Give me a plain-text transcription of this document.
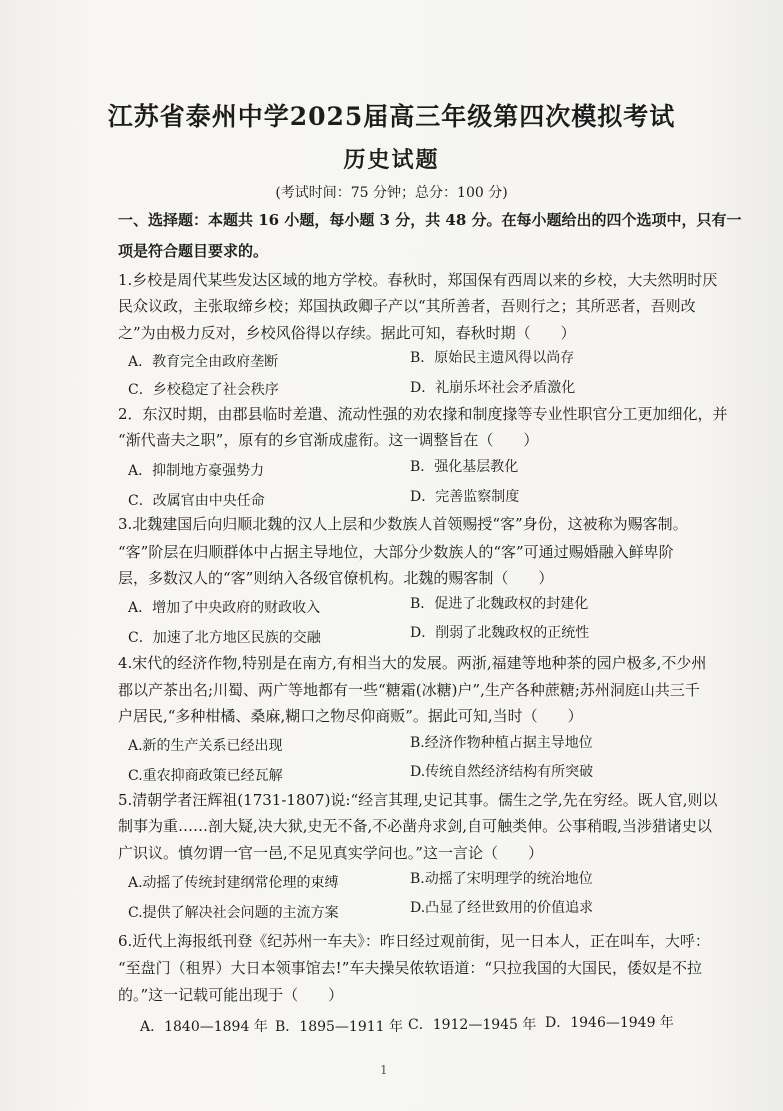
江苏省泰州中学2025届高三年级第四次模拟考试
历史试题
(考试时间：75 分钟；总分：100 分)
一、选择题：本题共 16 小题，每小题 3 分，共 48 分。在每小题给出的四个选项中，只有一
项是符合题目要求的。
1.乡校是周代某些发达区域的地方学校。春秋时，郑国保有西周以来的乡校，大夫然明时厌
民众议政，主张取缔乡校；郑国执政卿子产以“其所善者，吾则行之；其所恶者，吾则改
之”为由极力反对，乡校风俗得以存续。据此可知，春秋时期（　　）
A．教育完全由政府垄断	B．原始民主遗风得以尚存
C．乡校稳定了社会秩序	D．礼崩乐坏社会矛盾激化
2．东汉时期，由郡县临时差遣、流动性强的劝农掾和制度掾等专业性职官分工更加细化，并
“渐代啬夫之职”，原有的乡官渐成虚衔。这一调整旨在（　　）
A．抑制地方豪强势力	B．强化基层教化
C．改属官由中央任命	D．完善监察制度
3.北魏建国后向归顺北魏的汉人上层和少数族人首领赐授“客”身份，这被称为赐客制。
“客”阶层在归顺群体中占据主导地位，大部分少数族人的“客”可通过赐婚融入鲜卑阶
层，多数汉人的“客”则纳入各级官僚机构。北魏的赐客制（　　）
A．增加了中央政府的财政收入	B．促进了北魏政权的封建化
C．加速了北方地区民族的交融	D．削弱了北魏政权的正统性
4.宋代的经济作物,特别是在南方,有相当大的发展。两浙,福建等地种茶的园户极多,不少州
郡以产茶出名;川蜀、两广等地都有一些“糖霜(冰糖)户”,生产各种蔗糖;苏州洞庭山共三千
户居民,“多种柑橘、桑麻,糊口之物尽仰商贩”。据此可知,当时（　　）
A.新的生产关系已经出现	B.经济作物种植占据主导地位
C.重农抑商政策已经瓦解	D.传统自然经济结构有所突破
5.清朝学者汪辉祖(1731-1807)说:“经言其理,史记其事。儒生之学,先在穷经。既人官,则以
制事为重……剖大疑,决大狱,史无不备,不必凿舟求剑,自可触类伸。公事稍暇,当涉猎诸史以
广识议。慎勿谓一官一邑,不足见真实学问也。”这一言论（　　）
A.动摇了传统封建纲常伦理的束缚	B.动摇了宋明理学的统治地位
C.提供了解决社会问题的主流方案	D.凸显了经世致用的价值追求
6.近代上海报纸刊登《纪苏州一车夫》：昨日经过观前街，见一日本人，正在叫车，大呼：
“至盘门（租界）大日本领事馆去!”车夫操吴侬软语道：“只拉我国的大国民，倭奴是不拉
的。”这一记载可能出现于（　　）
A．1840—1894 年 B．1895—1911 年 C．1912—1945 年 D．1946—1949 年
1
